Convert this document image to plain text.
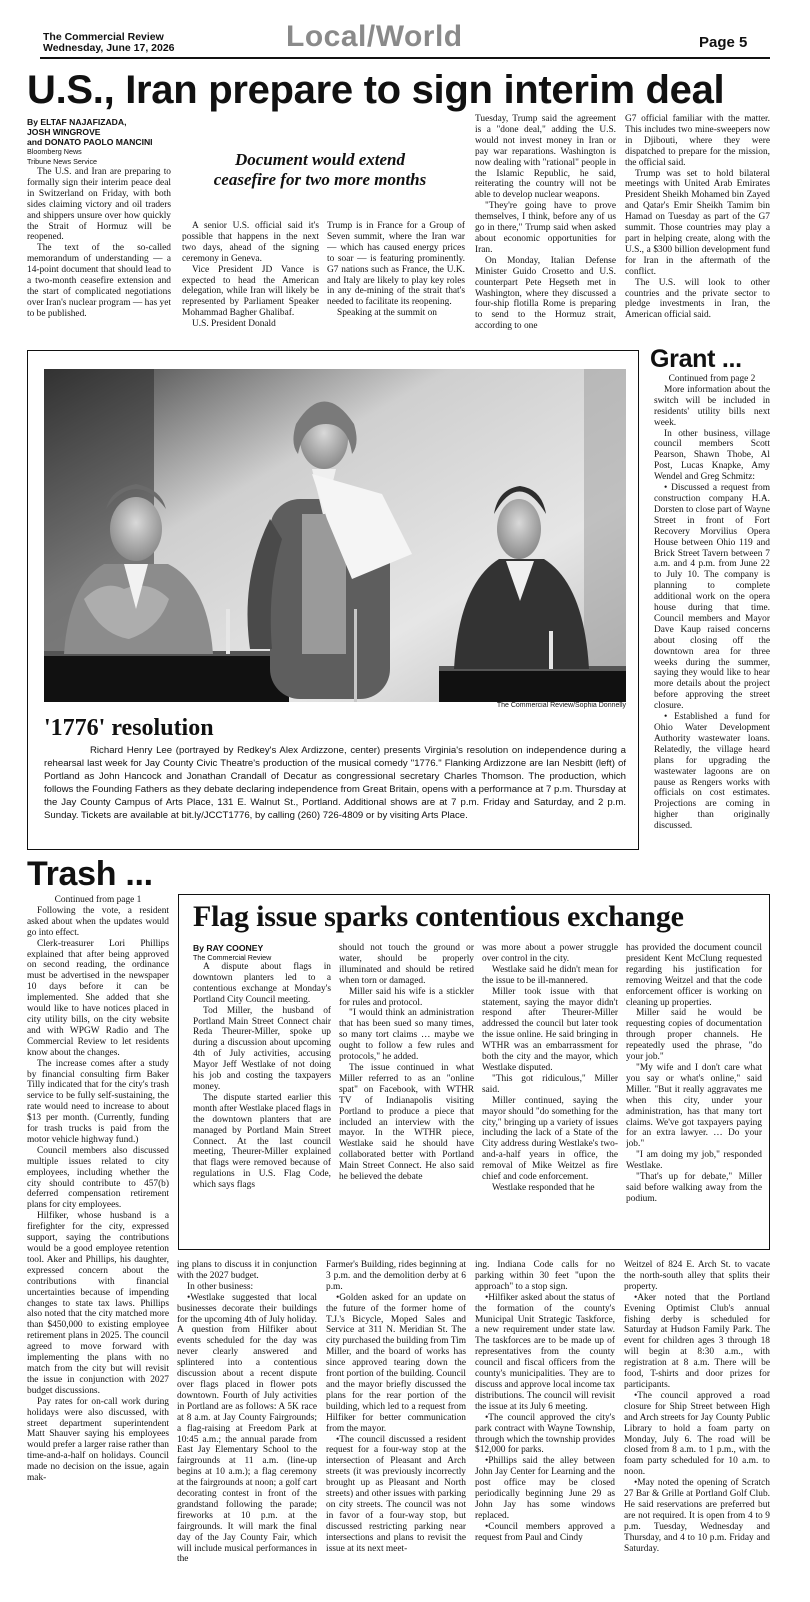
The Commercial Review
Wednesday, June 17, 2026	Local/World	Page 5
U.S., Iran prepare to sign interim deal
By ELTAF NAJAFIZADA,
JOSH WINGROVE
and DONATO PAOLO MANCINI
Bloomberg News
Tribune News Service

The U.S. and Iran are preparing to formally sign their interim peace deal in Switzerland on Friday, with both sides claiming victory and oil traders and shippers unsure over how quickly the Strait of Hormuz will be reopened.

The text of the so-called memorandum of understanding — a 14-point document that should lead to a two-month ceasefire extension and the start of complicated negotiations over Iran's nuclear program — has yet to be published.

Document would extend
ceasefire for two more months

A senior U.S. official said it's possible that happens in the next two days, ahead of the signing ceremony in Geneva.

Vice President JD Vance is expected to head the American delegation, while Iran will likely be represented by Parliament Speaker Mohammad Bagher Ghalibaf.

U.S. President Donald

Trump is in France for a Group of Seven summit, where the Iran war — which has caused energy prices to soar — is featuring prominently. G7 nations such as France, the U.K. and Italy are likely to play key roles in any de-mining of the strait that's needed to facilitate its reopening.

Speaking at the summit on

Tuesday, Trump said the agreement is a "done deal," adding the U.S. would not invest money in Iran or pay war reparations. Washington is now dealing with "rational" people in the Islamic Republic, he said, reiterating the country will not be able to develop nuclear weapons.

"They're going have to prove themselves, I think, before any of us go in there," Trump said when asked about economic opportunities for Iran.

On Monday, Italian Defense Minister Guido Crosetto and U.S. counterpart Pete Hegseth met in Washington, where they discussed a four-ship flotilla Rome is preparing to send to the Hormuz strait, according to one

G7 official familiar with the matter. This includes two mine-sweepers now in Djibouti, where they were dispatched to prepare for the mission, the official said.

Trump was set to hold bilateral meetings with United Arab Emirates President Sheikh Mohamed bin Zayed and Qatar's Emir Sheikh Tamim bin Hamad on Tuesday as part of the G7 summit. Those countries may play a part in helping create, along with the U.S., a $300 billion development fund for Iran in the aftermath of the conflict.

The U.S. will look to other countries and the private sector to pledge investments in Iran, the American official said.

The Commercial Review/Sophia Donnelly
'1776' resolution
Richard Henry Lee (portrayed by Redkey's Alex Ardizzone, center) presents Virginia's resolution on independence during a rehearsal last week for Jay County Civic Theatre's production of the musical comedy "1776." Flanking Ardizzone are Ian Nesbitt (left) of Portland as John Hancock and Jonathan Crandall of Decatur as congressional secretary Charles Thomson. The production, which follows the Founding Fathers as they debate declaring independence from Great Britain, opens with a performance at 7 p.m. Thursday at the Jay County Campus of Arts Place, 131 E. Walnut St., Portland. Additional shows are at 7 p.m. Friday and Saturday, and 2 p.m. Sunday. Tickets are available at bit.ly/JCCT1776, by calling (260) 726-4809 or by visiting Arts Place.
Grant ...

Continued from page 2

More information about the switch will be included in residents' utility bills next week.

In other business, village council members Scott Pearson, Shawn Thobe, Al Post, Lucas Knapke, Amy Wendel and Greg Schmitz:

• Discussed a request from construction company H.A. Dorsten to close part of Wayne Street in front of Fort Recovery Morvilius Opera House between Ohio 119 and Brick Street Tavern between 7 a.m. and 4 p.m. from June 22 to July 10. The company is planning to complete additional work on the opera house during that time. Council members and Mayor Dave Kaup raised concerns about closing off the downtown area for three weeks during the summer, saying they would like to hear more details about the project before approving the street closure.

• Established a fund for Ohio Water Development Authority wastewater loans. Relatedly, the village heard plans for upgrading the wastewater lagoons are on pause as Rengers works with officials on cost estimates. Projections are coming in higher than originally discussed.

Trash ...

Continued from page 1

Following the vote, a resident asked about when the updates would go into effect.

Clerk-treasurer Lori Phillips explained that after being approved on second reading, the ordinance must be advertised in the newspaper 10 days before it can be implemented. She added that she would like to have notices placed in city utility bills, on the city website and with WPGW Radio and The Commercial Review to let residents know about the changes.

The increase comes after a study by financial consulting firm Baker Tilly indicated that for the city's trash service to be fully self-sustaining, the rate would need to increase to about $13 per month. (Currently, funding for trash trucks is paid from the motor vehicle highway fund.)

Council members also discussed multiple issues related to city employees, including whether the city should contribute to 457(b) deferred compensation retirement plans for city employees.

Hilfiker, whose husband is a firefighter for the city, expressed support, saying the contributions would be a good employee retention tool. Aker and Phillips, his daughter, expressed concern about the contributions with financial uncertainties because of impending changes to state tax laws. Phillips also noted that the city matched more than $450,000 to existing employee retirement plans in 2025. The council agreed to move forward with implementing the plans with no match from the city but will revisit the issue in conjunction with 2027 budget discussions.

Pay rates for on-call work during holidays were also discussed, with street department superintendent Matt Shauver saying his employees would prefer a larger raise rather than time-and-a-half on holidays. Council made no decision on the issue, again mak-

Flag issue sparks contentious exchange
By RAY COONEY
The Commercial Review

A dispute about flags in downtown planters led to a contentious exchange at Monday's Portland City Council meeting.

Tod Miller, the husband of Portland Main Street Connect chair Reda Theurer-Miller, spoke up during a discussion about upcoming 4th of July activities, accusing Mayor Jeff Westlake of not doing his job and costing the taxpayers money.

The dispute started earlier this month after Westlake placed flags in the downtown planters that are managed by Portland Main Street Connect. At the last council meeting, Theurer-Miller explained that flags were removed because of regulations in U.S. Flag Code, which says flags

should not touch the ground or water, should be properly illuminated and should be retired when torn or damaged.

Miller said his wife is a stickler for rules and protocol.

"I would think an administration that has been sued so many times, so many tort claims … maybe we ought to follow a few rules and protocols," he added.

The issue continued in what Miller referred to as an "online spat" on Facebook, with WTHR TV of Indianapolis visiting Portland to produce a piece that included an interview with the mayor. In the WTHR piece, Westlake said he should have collaborated better with Portland Main Street Connect. He also said he believed the debate

was more about a power struggle over control in the city.

Westlake said he didn't mean for the issue to be ill-mannered.

Miller took issue with that statement, saying the mayor didn't respond after Theurer-Miller addressed the council but later took the issue online. He said bringing in WTHR was an embarrassment for both the city and the mayor, which Westlake disputed.

"This got ridiculous," Miller said.

Miller continued, saying the mayor should "do something for the city," bringing up a variety of issues including the lack of a State of the City address during Westlake's two-and-a-half years in office, the removal of Mike Weitzel as fire chief and code enforcement.

Westlake responded that he

has provided the document council president Kent McClung requested regarding his justification for removing Weitzel and that the code enforcement officer is working on cleaning up properties.

Miller said he would be requesting copies of documentation through proper channels. He repeatedly used the phrase, "do your job."

"My wife and I don't care what you say or what's online," said Miller. "But it really aggravates me when this city, under your administration, has that many tort claims. We've got taxpayers paying for an extra lawyer. … Do your job."

"I am doing my job," responded Westlake.

"That's up for debate," Miller said before walking away from the podium.

ing plans to discuss it in conjunction with the 2027 budget.

In other business:

•Westlake suggested that local businesses decorate their buildings for the upcoming 4th of July holiday. A question from Hilfiker about events scheduled for the day was never clearly answered and splintered into a contentious discussion about a recent dispute over flags placed in flower pots downtown. Fourth of July activities in Portland are as follows: A 5K race at 8 a.m. at Jay County Fairgrounds; a flag-raising at Freedom Park at 10:45 a.m.; the annual parade from East Jay Elementary School to the fairgrounds at 11 a.m. (line-up begins at 10 a.m.); a flag ceremony at the fairgrounds at noon; a golf cart decorating contest in front of the grandstand following the parade; fireworks at 10 p.m. at the fairgrounds. It will mark the final day of the Jay County Fair, which will include musical performances in the

Farmer's Building, rides beginning at 3 p.m. and the demolition derby at 6 p.m.

•Golden asked for an update on the future of the former home of T.J.'s Bicycle, Moped Sales and Service at 311 N. Meridian St. The city purchased the building from Tim Miller, and the board of works has since approved tearing down the front portion of the building. Council and the mayor briefly discussed the plans for the rear portion of the building, which led to a request from Hilfiker for better communication from the mayor.

•The council discussed a resident request for a four-way stop at the intersection of Pleasant and Arch streets (it was previously incorrectly brought up as Pleasant and North streets) and other issues with parking on city streets. The council was not in favor of a four-way stop, but discussed restricting parking near intersections and plans to revisit the issue at its next meet-

ing. Indiana Code calls for no parking within 30 feet "upon the approach" to a stop sign.

•Hilfiker asked about the status of the formation of the county's Municipal Unit Strategic Taskforce, a new requirement under state law. The taskforces are to be made up of representatives from the county council and fiscal officers from the county's municipalities. They are to discuss and approve local income tax distributions. The council will revisit the issue at its July 6 meeting.

•The council approved the city's park contract with Wayne Township, through which the township provides $12,000 for parks.

•Phillips said the alley between John Jay Center for Learning and the post office may be closed periodically beginning June 29 as John Jay has some windows replaced.

•Council members approved a request from Paul and Cindy

Weitzel of 824 E. Arch St. to vacate the north-south alley that splits their property.

•Aker noted that the Portland Evening Optimist Club's annual fishing derby is scheduled for Saturday at Hudson Family Park. The event for children ages 3 through 18 will begin at 8:30 a.m., with registration at 8 a.m. There will be food, T-shirts and door prizes for participants.

•The council approved a road closure for Ship Street between High and Arch streets for Jay County Public Library to hold a foam party on Monday, July 6. The road will be closed from 8 a.m. to 1 p.m., with the foam party scheduled for 10 a.m. to noon.

•May noted the opening of Scratch 27 Bar & Grille at Portland Golf Club. He said reservations are preferred but are not required. It is open from 4 to 9 p.m. Tuesday, Wednesday and Thursday, and 4 to 10 p.m. Friday and Saturday.
